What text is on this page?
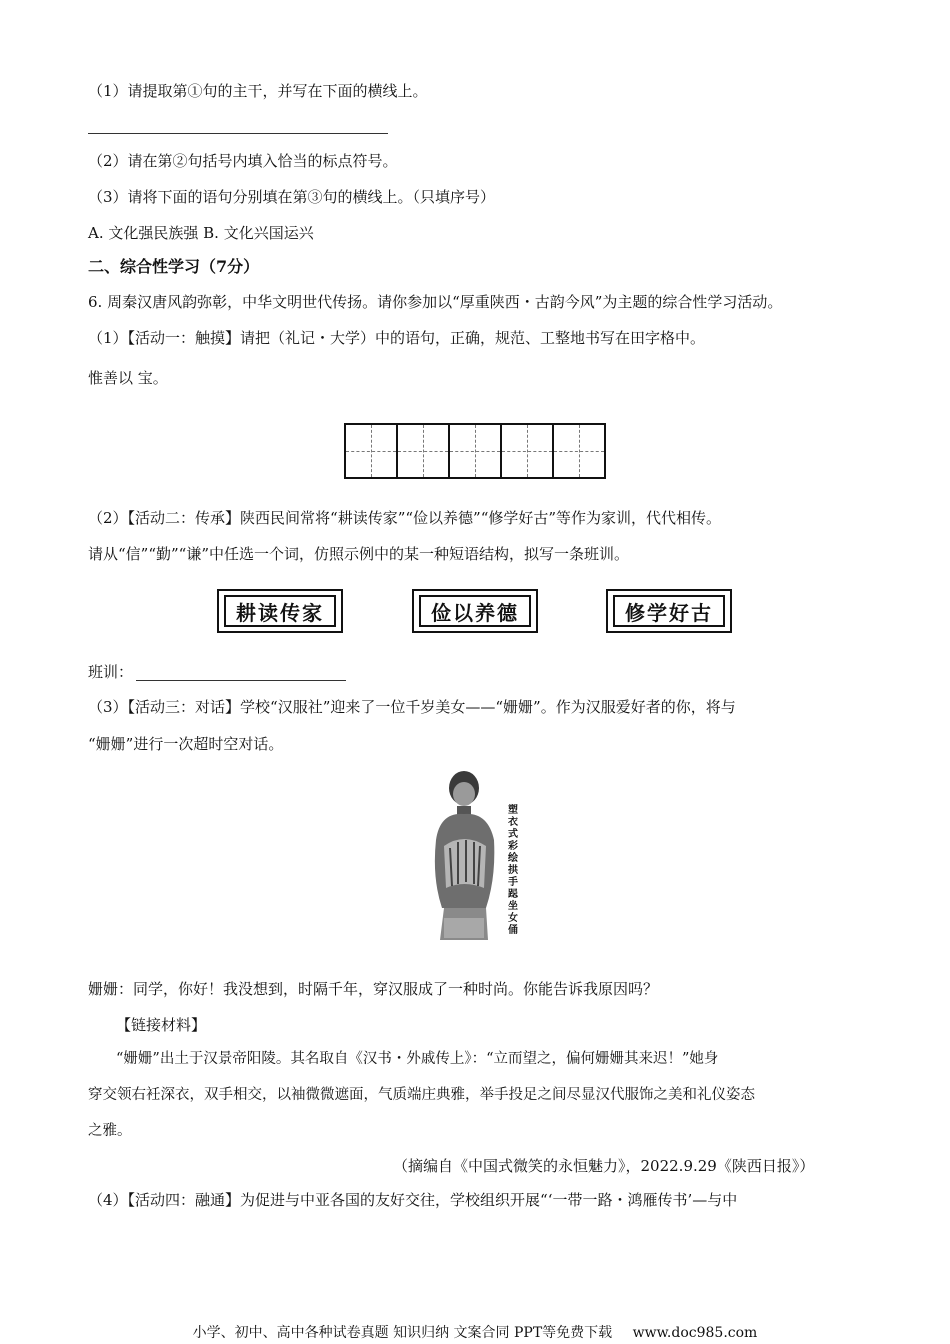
（1）请提取第①句的主干，并写在下面的横线上。
（2）请在第②句括号内填入恰当的标点符号。
（3）请将下面的语句分别填在第③句的横线上。（只填序号）
A. 文化强民族强 B. 文化兴国运兴
二、综合性学习（7分）
6. 周秦汉唐风韵弥彰，中华文明世代传扬。请你参加以“厚重陕西・古韵今风”为主题的综合性学习活动。
（1）【活动一：触摸】请把（礼记・大学）中的语句，正确，规范、工整地书写在田字格中。
惟善以 宝。
（2）【活动二：传承】陕西民间常将“耕读传家”“俭以养德”“修学好古”等作为家训，代代相传。
请从“信”“勤”“谦”中任选一个词，仿照示例中的某一种短语结构，拟写一条班训。
耕读传家	俭以养德	修学好古
班训：
（3）【活动三：对话】学校“汉服社”迎来了一位千岁美女——“姗姗”。作为汉服爱好者的你，将与
“姗姗”进行一次超时空对话。
塑衣式彩绘拱手跽坐女俑
姗姗：同学，你好！我没想到，时隔千年，穿汉服成了一种时尚。你能告诉我原因吗？
【链接材料】
“姗姗”出土于汉景帝阳陵。其名取自《汉书・外戚传上》：“立而望之，偏何姗姗其来迟！”她身
穿交领右衽深衣，双手相交，以袖微微遮面，气质端庄典雅，举手投足之间尽显汉代服饰之美和礼仪姿态
之雅。
（摘编自《中国式微笑的永恒魅力》，2022.9.29《陕西日报》）
（4）【活动四：融通】为促进与中亚各国的友好交往，学校组织开展“‘一带一路・鸿雁传书’—与中
小学、初中、高中各种试卷真题 知识归纳 文案合同 PPT等免费下载 www.doc985.com
